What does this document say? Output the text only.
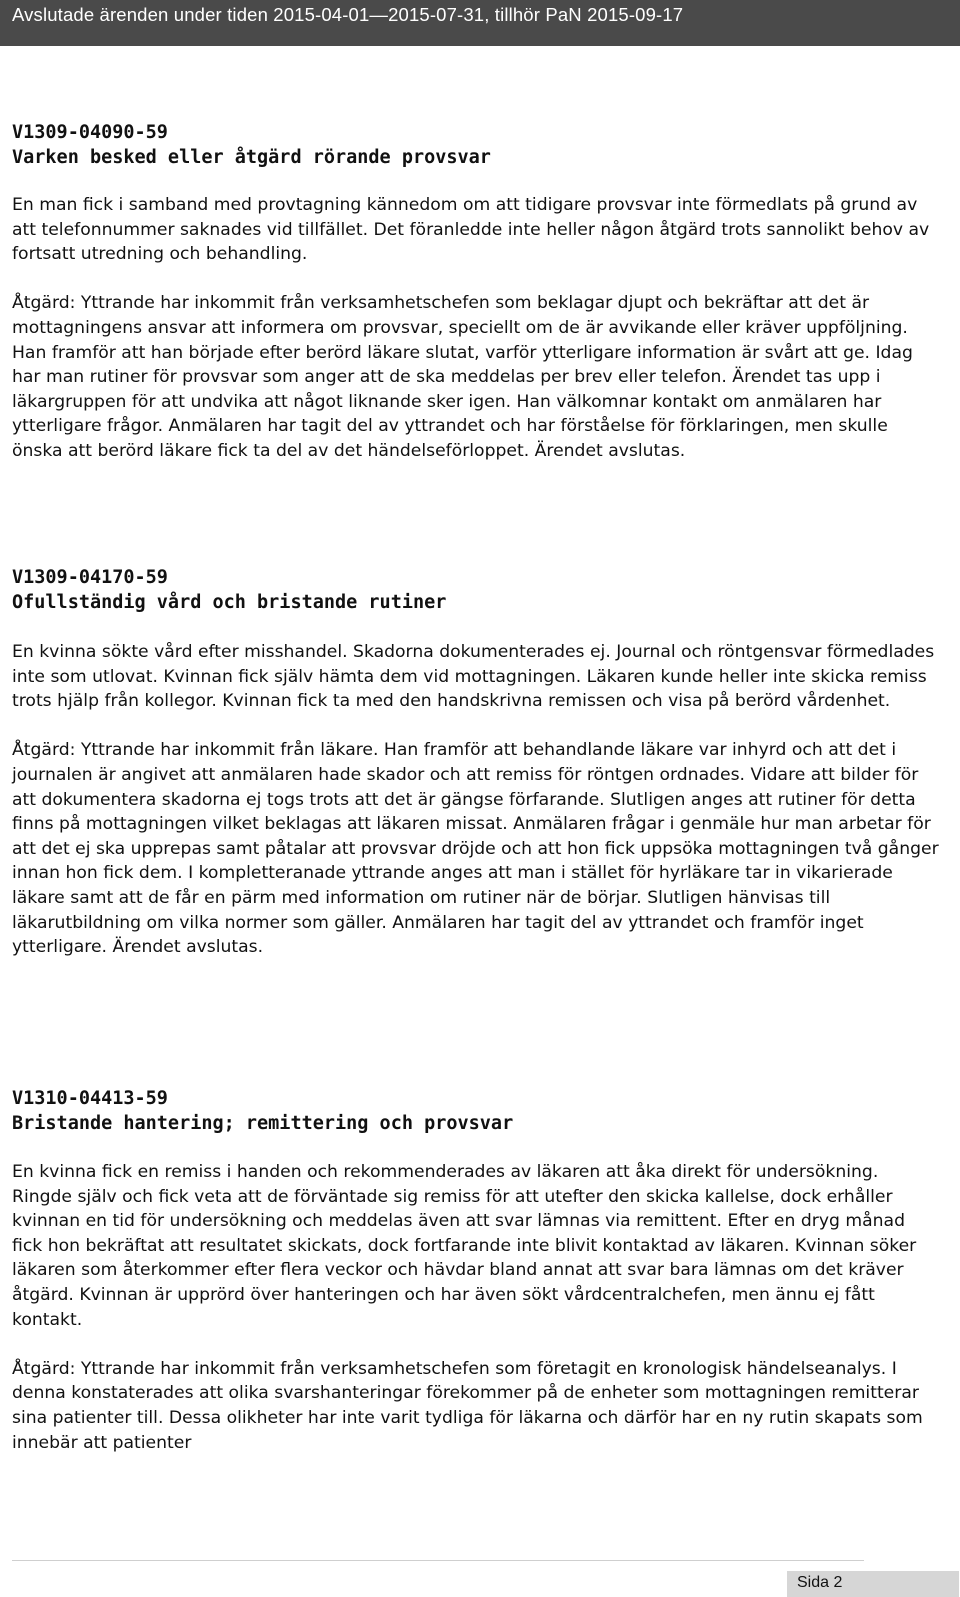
Avslutade ärenden under tiden 2015-04-01—2015-07-31, tillhör PaN 2015-09-17
V1309-04090-59
Varken besked eller åtgärd rörande provsvar

En man fick i samband med provtagning kännedom om att tidigare provsvar inte förmedlats på grund av att telefonnummer saknades vid tillfället. Det föranledde inte heller någon åtgärd trots sannolikt behov av fortsatt utredning och behandling.

Åtgärd: Yttrande har inkommit från verksamhetschefen som beklagar djupt och bekräftar att det är mottagningens ansvar att informera om provsvar, speciellt om de är avvikande eller kräver uppföljning. Han framför att han började efter berörd läkare slutat, varför ytterligare information är svårt att ge. Idag har man rutiner för provsvar som anger att de ska meddelas per brev eller telefon. Ärendet tas upp i läkargruppen för att undvika att något liknande sker igen. Han välkomnar kontakt om anmälaren har ytterligare frågor. Anmälaren har tagit del av yttrandet och har förståelse för förklaringen, men skulle önska att berörd läkare fick ta del av det händelseförloppet. Ärendet avslutas.

V1309-04170-59
Ofullständig vård och bristande rutiner

En kvinna sökte vård efter misshandel. Skadorna dokumenterades ej. Journal och röntgensvar förmedlades inte som utlovat. Kvinnan fick själv hämta dem vid mottagningen. Läkaren kunde heller inte skicka remiss trots hjälp från kollegor. Kvinnan fick ta med den handskrivna remissen och visa på berörd vårdenhet.

Åtgärd: Yttrande har inkommit från läkare. Han framför att behandlande läkare var inhyrd och att det i journalen är angivet att anmälaren hade skador och att remiss för röntgen ordnades. Vidare att bilder för att dokumentera skadorna ej togs trots att det är gängse förfarande. Slutligen anges att rutiner för detta finns på mottagningen vilket beklagas att läkaren missat. Anmälaren frågar i genmäle hur man arbetar för att det ej ska upprepas samt påtalar att provsvar dröjde och att hon fick uppsöka mottagningen två gånger innan hon fick dem. I kompletteranade yttrande anges att man i stället för hyrläkare tar in vikarierade läkare samt att de får en pärm med information om rutiner när de börjar. Slutligen hänvisas till läkarutbildning om vilka normer som gäller. Anmälaren har tagit del av yttrandet och framför inget ytterligare. Ärendet avslutas.

V1310-04413-59
Bristande hantering; remittering och provsvar

En kvinna fick en remiss i handen och rekommenderades av läkaren att åka direkt för undersökning. Ringde själv och fick veta att de förväntade sig remiss för att utefter den skicka kallelse, dock erhåller kvinnan en tid för undersökning och meddelas även att svar lämnas via remittent. Efter en dryg månad fick hon bekräftat att resultatet skickats, dock fortfarande inte blivit kontaktad av läkaren. Kvinnan söker läkaren som återkommer efter flera veckor och hävdar bland annat att svar bara lämnas om det kräver åtgärd. Kvinnan är upprörd över hanteringen och har även sökt vårdcentralchefen, men ännu ej fått kontakt.

Åtgärd: Yttrande har inkommit från verksamhetschefen som företagit en kronologisk händelseanalys. I denna konstaterades att olika svarshanteringar förekommer på de enheter som mottagningen remitterar sina patienter till. Dessa olikheter har inte varit tydliga för läkarna och därför har en ny rutin skapats som innebär att patienter

Sida 2
